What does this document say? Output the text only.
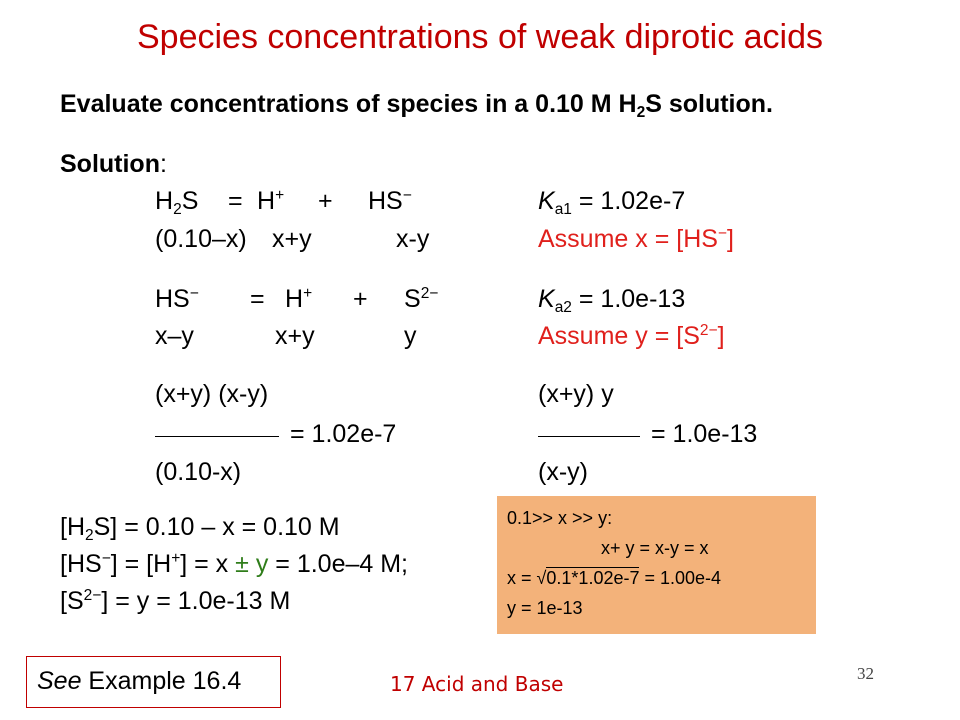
Species concentrations of weak diprotic acids
Evaluate concentrations of species in a 0.10 M $H_2S$ solution.
Solution:
$H_2S = H^+ + HS^-$	$K_{a1} = 1.02e-7$
(0.10–x) x+y	x-y	Assume x = [HS−]
$HS^- = H^+ + S^{2-}$	$K_{a2} = 1.0e-13$
x–y	x+y	y	Assume $y = [S^{2-}]$
(x+y) (x-y)
= 1.02e-7
(0.10-x)
(x+y) y
= 1.0e-13
(x-y)
$[H_2S] = 0.10 - x = 0.10$ M
[HS−] = [H+] = x ± y = 1.0e–4 M;
$[S^{2-}] = y = 1.0e-13$ M
0.1>> x >> y:
x+ y = x-y = x
x = √0.1*1.02e-7 = 1.00e-4
y = 1e-13
See Example 16.4	17 Acid and Base	32
